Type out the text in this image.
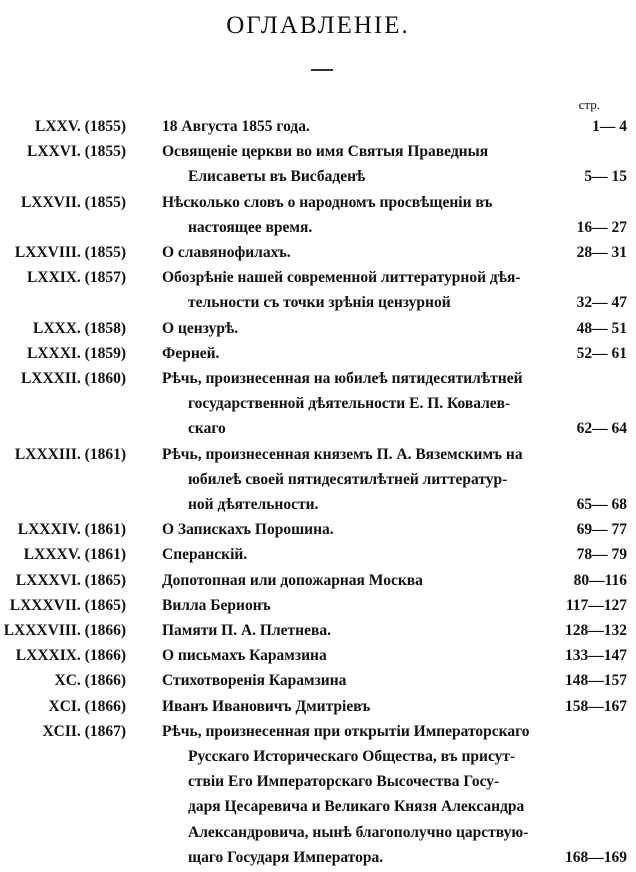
ОГЛАВЛЕНІЕ.
стр.
LXXV. (1855) 18 Августа 1855 года.	1— 4
LXXVI. (1855) Освященіе церкви во имя Святыя Праведныя
Елисаветы въ Висбаденѣ	5— 15
LXXVII. (1855) Нѣсколько словъ о народномъ просвѣщеніи въ
настоящее время.	16— 27
LXXVIII. (1855) О славянофилахъ.	28— 31
LXXIX. (1857) Обозрѣніе нашей современной литтературной дѣя-
тельности съ точки зрѣнія цензурной	32— 47
LXXX. (1858) О цензурѣ.	48— 51
LXXXI. (1859) Ферней.	52— 61
LXXXII. (1860) Рѣчь, произнесенная на юбилеѣ пятидесятилѣтней
государственной дѣятельности Е. П. Ковалев-
скаго	62— 64
LXXXIII. (1861) Рѣчь, произнесенная княземъ П. А. Вяземскимъ на
юбилеѣ своей пятидесятилѣтней литтератур-
ной дѣятельности.	65— 68
LXXXIV. (1861) О Запискахъ Порошина.	69— 77
LXXXV. (1861) Сперанскій.	78— 79
LXXXVI. (1865) Допотопная или допожарная Москва	80—116
LXXXVII. (1865) Вилла Берионъ	117—127
LXXXVIII. (1866) Памяти П. А. Плетнева.	128—132
LXXXIX. (1866) О письмахъ Карамзина	133—147
XC. (1866) Стихотворенія Карамзина	148—157
XCI. (1866) Иванъ Ивановичъ Дмитріевъ	158—167
XCII. (1867) Рѣчь, произнесенная при открытіи Императорскаго
Русскаго Историческаго Общества, въ присут-
ствіи Его Императорскаго Высочества Госу-
даря Цесаревича и Великаго Князя Александра
Александровича, нынѣ благополучно царствую-
щаго Государя Императора.	168—169
